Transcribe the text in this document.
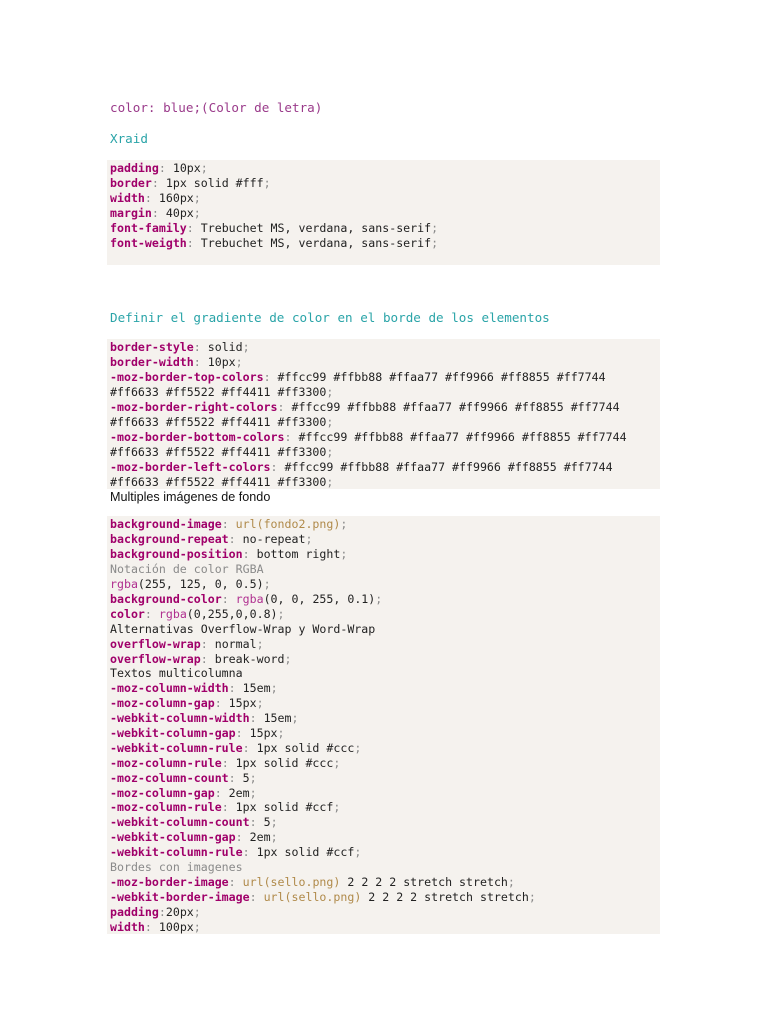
color: blue;(Color de letra)
Xraid
padding: 10px;
border: 1px solid #fff;
width: 160px;
margin: 40px;
font-family: Trebuchet MS, verdana, sans-serif;
font-weigth: Trebuchet MS, verdana, sans-serif;
Definir el gradiente de color en el borde de los elementos
border-style: solid;
border-width: 10px;
-moz-border-top-colors: #ffcc99 #ffbb88 #ffaa77 #ff9966 #ff8855 #ff7744
#ff6633 #ff5522 #ff4411 #ff3300;
-moz-border-right-colors: #ffcc99 #ffbb88 #ffaa77 #ff9966 #ff8855 #ff7744
#ff6633 #ff5522 #ff4411 #ff3300;
-moz-border-bottom-colors: #ffcc99 #ffbb88 #ffaa77 #ff9966 #ff8855 #ff7744
#ff6633 #ff5522 #ff4411 #ff3300;
-moz-border-left-colors: #ffcc99 #ffbb88 #ffaa77 #ff9966 #ff8855 #ff7744
#ff6633 #ff5522 #ff4411 #ff3300;
Multiples imágenes de fondo
background-image: url(fondo2.png);
background-repeat: no-repeat;
background-position: bottom right;
Notación de color RGBA
rgba(255, 125, 0, 0.5);
background-color: rgba(0, 0, 255, 0.1);
color: rgba(0,255,0,0.8);
Alternativas Overflow-Wrap y Word-Wrap
overflow-wrap: normal;
overflow-wrap: break-word;
Textos multicolumna
-moz-column-width: 15em;
-moz-column-gap: 15px;
-webkit-column-width: 15em;
-webkit-column-gap: 15px;
-webkit-column-rule: 1px solid #ccc;
-moz-column-rule: 1px solid #ccc;
-moz-column-count: 5;
-moz-column-gap: 2em;
-moz-column-rule: 1px solid #ccf;
-webkit-column-count: 5;
-webkit-column-gap: 2em;
-webkit-column-rule: 1px solid #ccf;
Bordes con imagenes
-moz-border-image: url(sello.png) 2 2 2 2 stretch stretch;
-webkit-border-image: url(sello.png) 2 2 2 2 stretch stretch;
padding:20px;
width: 100px;
